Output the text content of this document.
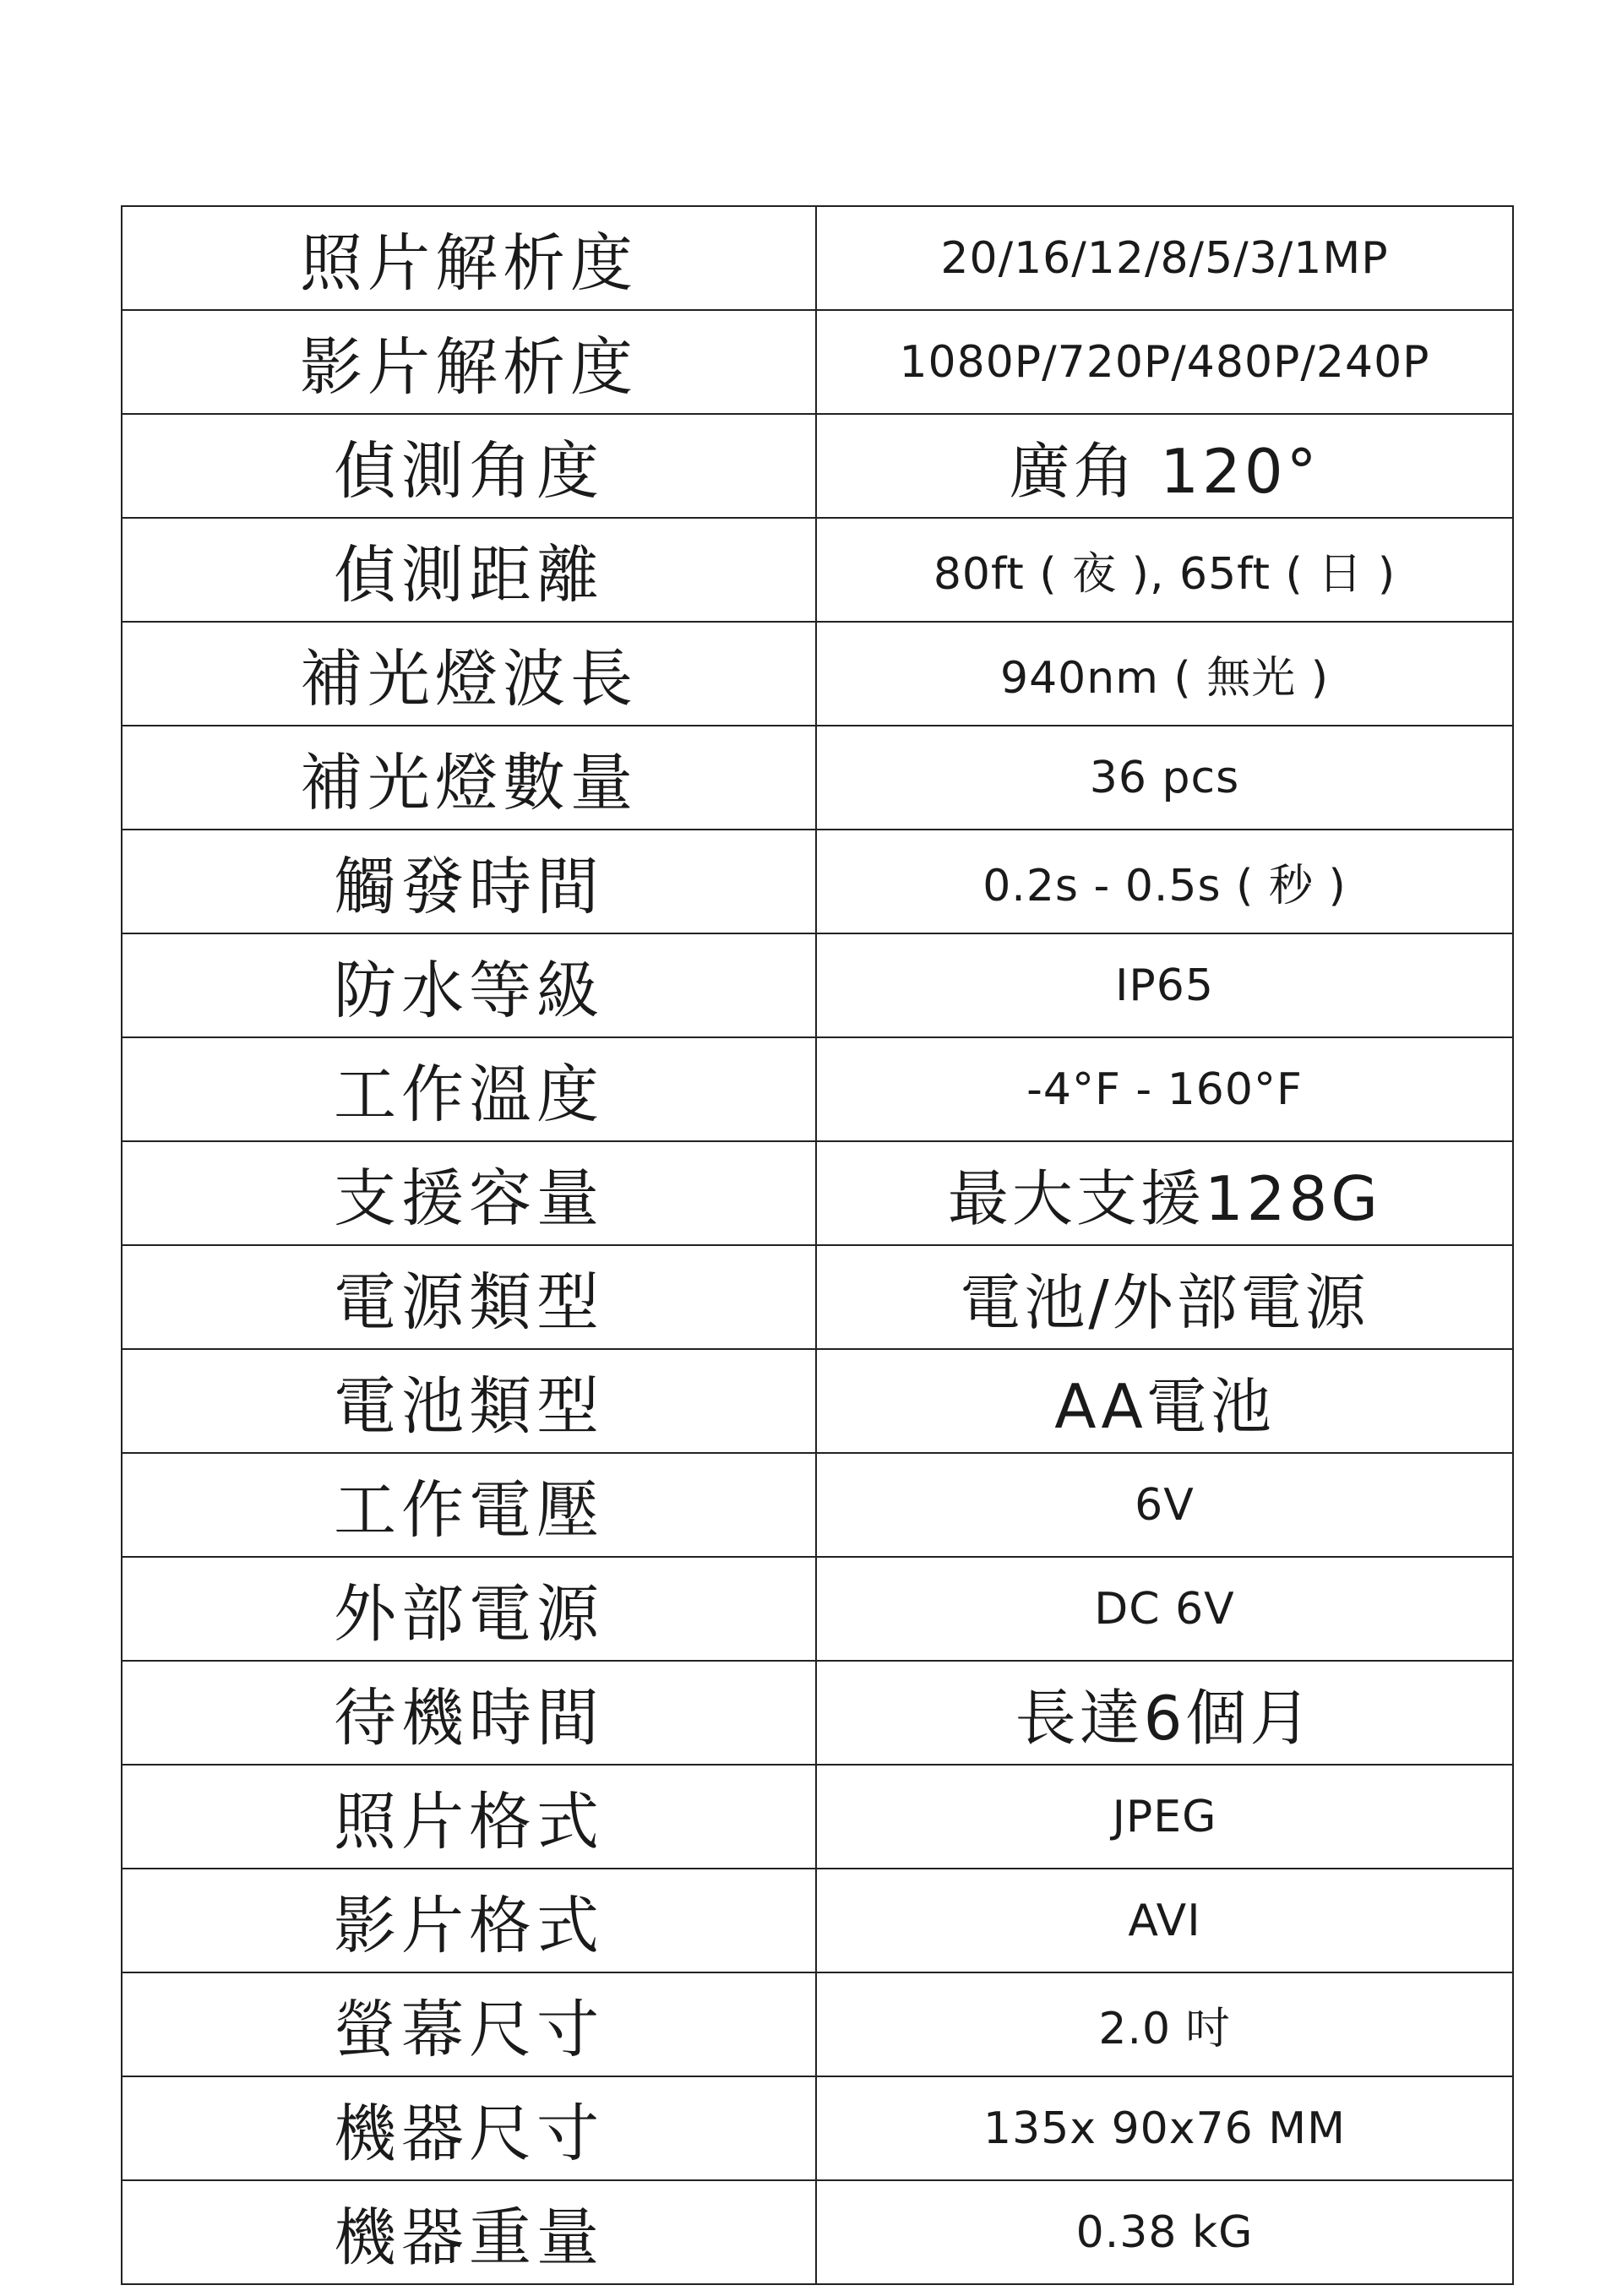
照片解析度	20/16/12/8/5/3/1MP
影片解析度	1080P/720P/480P/240P
偵測角度	廣角 120°
偵測距離	80ft ( 夜 ), 65ft ( 日 )
補光燈波長	940nm ( 無光 )
補光燈數量	36 pcs
觸發時間	0.2s - 0.5s ( 秒 )
防水等級	IP65
工作溫度	-4°F - 160°F
支援容量	最大支援128G
電源類型	電池/外部電源
電池類型	AA電池
工作電壓	6V
外部電源	DC 6V
待機時間	長達6個月
照片格式	JPEG
影片格式	AVI
螢幕尺寸	2.0 吋
機器尺寸	135x 90x76 MM
機器重量	0.38 kG
